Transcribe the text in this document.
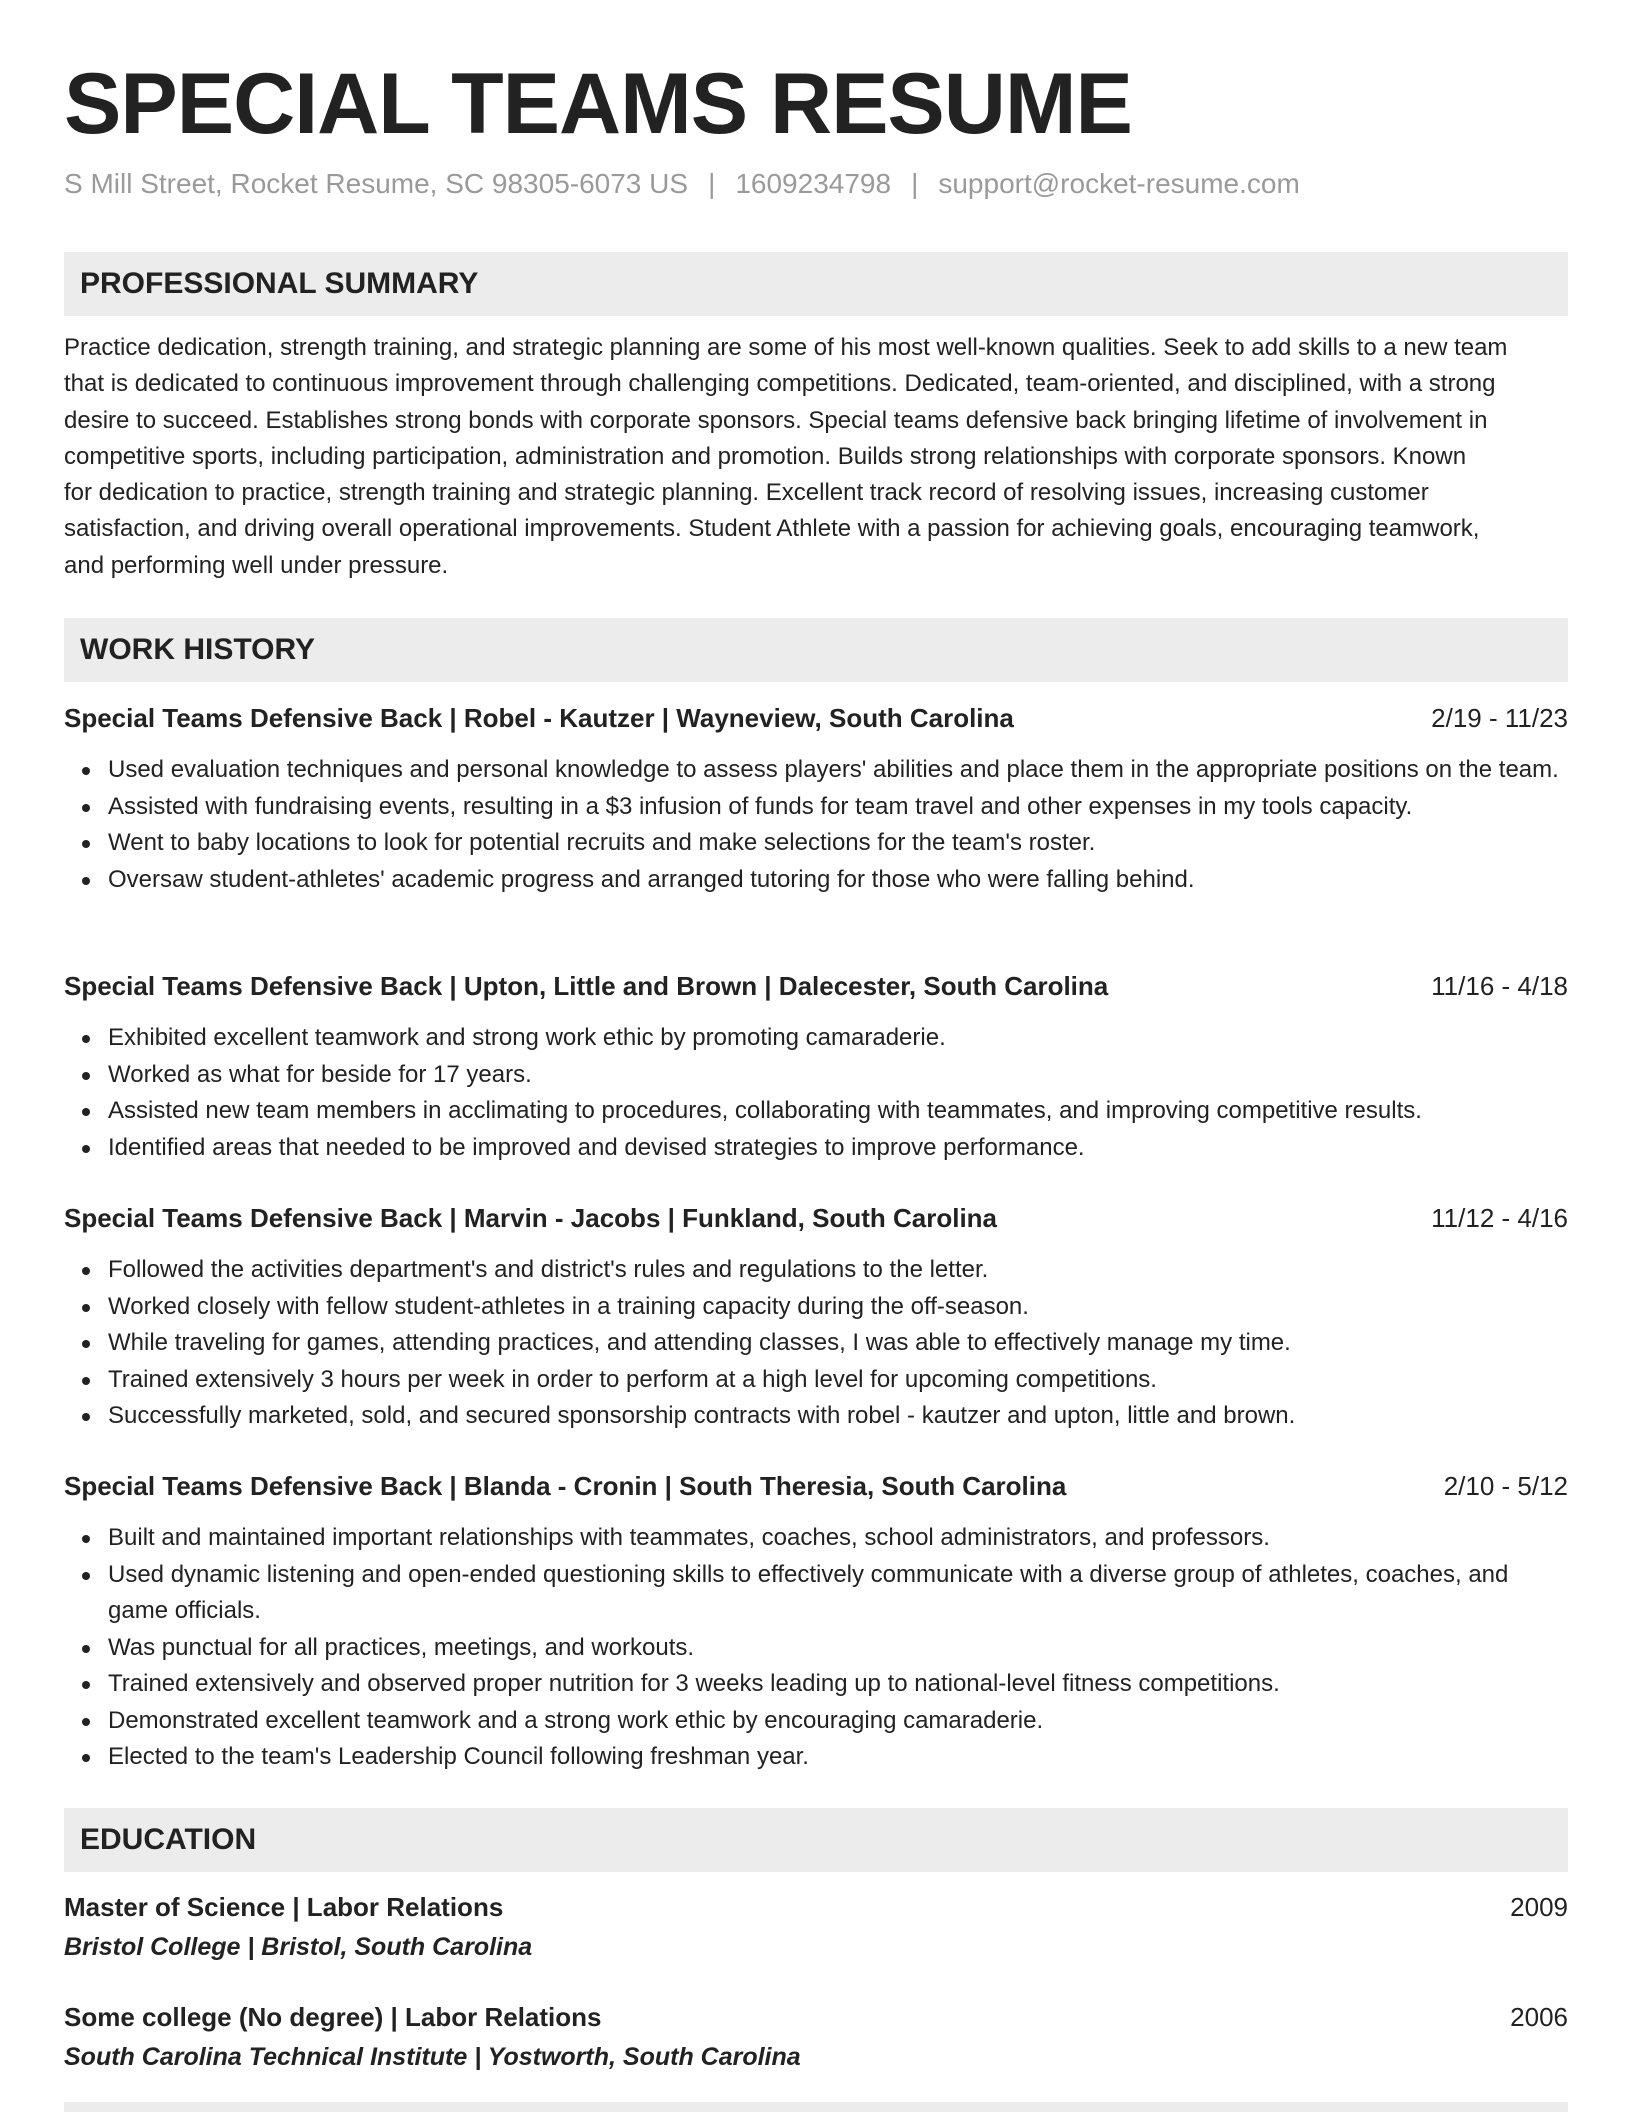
SPECIAL TEAMS RESUME
S Mill Street, Rocket Resume, SC 98305-6073 US | 1609234798 | support@rocket-resume.com
PROFESSIONAL SUMMARY
Practice dedication, strength training, and strategic planning are some of his most well-known qualities. Seek to add skills to a new team
that is dedicated to continuous improvement through challenging competitions. Dedicated, team-oriented, and disciplined, with a strong
desire to succeed. Establishes strong bonds with corporate sponsors. Special teams defensive back bringing lifetime of involvement in
competitive sports, including participation, administration and promotion. Builds strong relationships with corporate sponsors. Known
for dedication to practice, strength training and strategic planning. Excellent track record of resolving issues, increasing customer
satisfaction, and driving overall operational improvements. Student Athlete with a passion for achieving goals, encouraging teamwork,
and performing well under pressure.
WORK HISTORY
Special Teams Defensive Back | Robel - Kautzer | Wayneview, South Carolina	2/19 - 11/23
Used evaluation techniques and personal knowledge to assess players' abilities and place them in the appropriate positions on the team.
Assisted with fundraising events, resulting in a $3 infusion of funds for team travel and other expenses in my tools capacity.
Went to baby locations to look for potential recruits and make selections for the team's roster.
Oversaw student-athletes' academic progress and arranged tutoring for those who were falling behind.
Special Teams Defensive Back | Upton, Little and Brown | Dalecester, South Carolina	11/16 - 4/18
Exhibited excellent teamwork and strong work ethic by promoting camaraderie.
Worked as what for beside for 17 years.
Assisted new team members in acclimating to procedures, collaborating with teammates, and improving competitive results.
Identified areas that needed to be improved and devised strategies to improve performance.
Special Teams Defensive Back | Marvin - Jacobs | Funkland, South Carolina	11/12 - 4/16
Followed the activities department's and district's rules and regulations to the letter.
Worked closely with fellow student-athletes in a training capacity during the off-season.
While traveling for games, attending practices, and attending classes, I was able to effectively manage my time.
Trained extensively 3 hours per week in order to perform at a high level for upcoming competitions.
Successfully marketed, sold, and secured sponsorship contracts with robel - kautzer and upton, little and brown.
Special Teams Defensive Back | Blanda - Cronin | South Theresia, South Carolina	2/10 - 5/12
Built and maintained important relationships with teammates, coaches, school administrators, and professors.
Used dynamic listening and open-ended questioning skills to effectively communicate with a diverse group of athletes, coaches, and game officials.
Was punctual for all practices, meetings, and workouts.
Trained extensively and observed proper nutrition for 3 weeks leading up to national-level fitness competitions.
Demonstrated excellent teamwork and a strong work ethic by encouraging camaraderie.
Elected to the team's Leadership Council following freshman year.
EDUCATION
Master of Science | Labor Relations	2009
Bristol College | Bristol, South Carolina
Some college (No degree) | Labor Relations	2006
South Carolina Technical Institute | Yostworth, South Carolina
